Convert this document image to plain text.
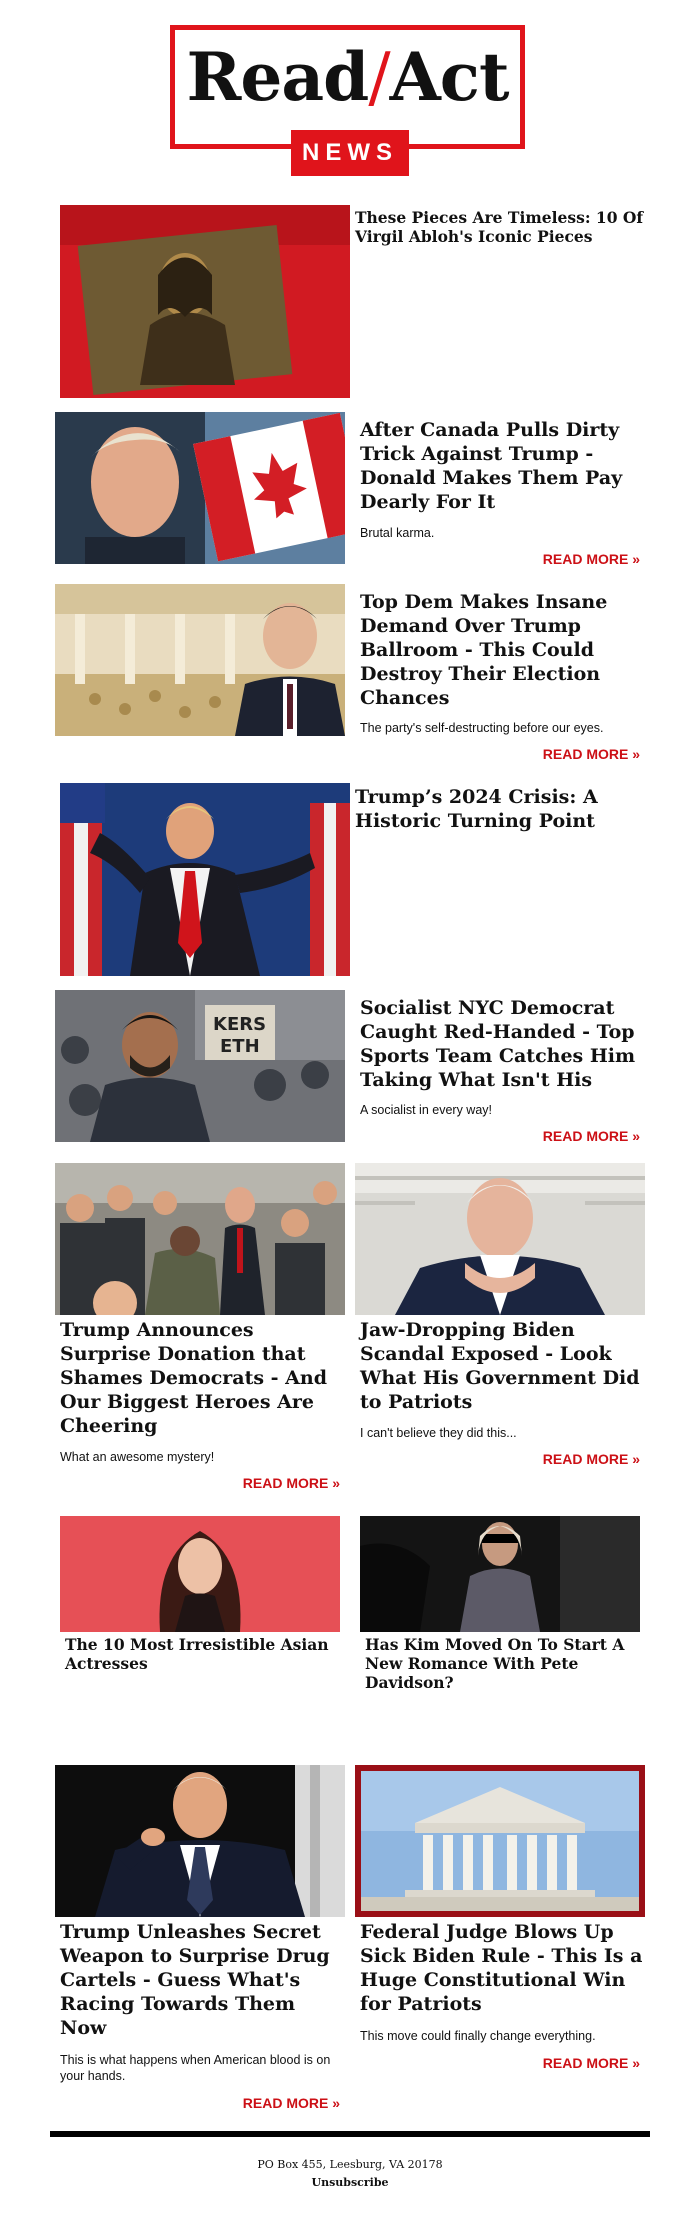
Read/Act
NEWS
These Pieces Are Timeless: 10 Of Virgil Abloh's Iconic Pieces
After Canada Pulls Dirty Trick Against Trump - Donald Makes Them Pay Dearly For It
Brutal karma.
READ MORE »
Top Dem Makes Insane Demand Over Trump Ballroom - This Could Destroy Their Election Chances
The party's self-destructing before our eyes.
READ MORE »
Trump’s 2024 Crisis: A Historic Turning Point
KERS
ETH
Socialist NYC Democrat Caught Red-Handed - Top Sports Team Catches Him Taking What Isn't His
A socialist in every way!
READ MORE »
Trump Announces Surprise Donation that Shames Democrats - And Our Biggest Heroes Are Cheering
What an awesome mystery!
READ MORE »
Jaw-Dropping Biden Scandal Exposed - Look What His Government Did to Patriots
I can't believe they did this...
READ MORE »
The 10 Most Irresistible Asian Actresses
Has Kim Moved On To Start A New Romance With Pete Davidson?
Trump Unleashes Secret Weapon to Surprise Drug Cartels - Guess What's Racing Towards Them Now
This is what happens when American blood is on your hands.
READ MORE »
Federal Judge Blows Up Sick Biden Rule - This Is a Huge Constitutional Win for Patriots
This move could finally change everything.
READ MORE »
PO Box 455, Leesburg, VA 20178
Unsubscribe
